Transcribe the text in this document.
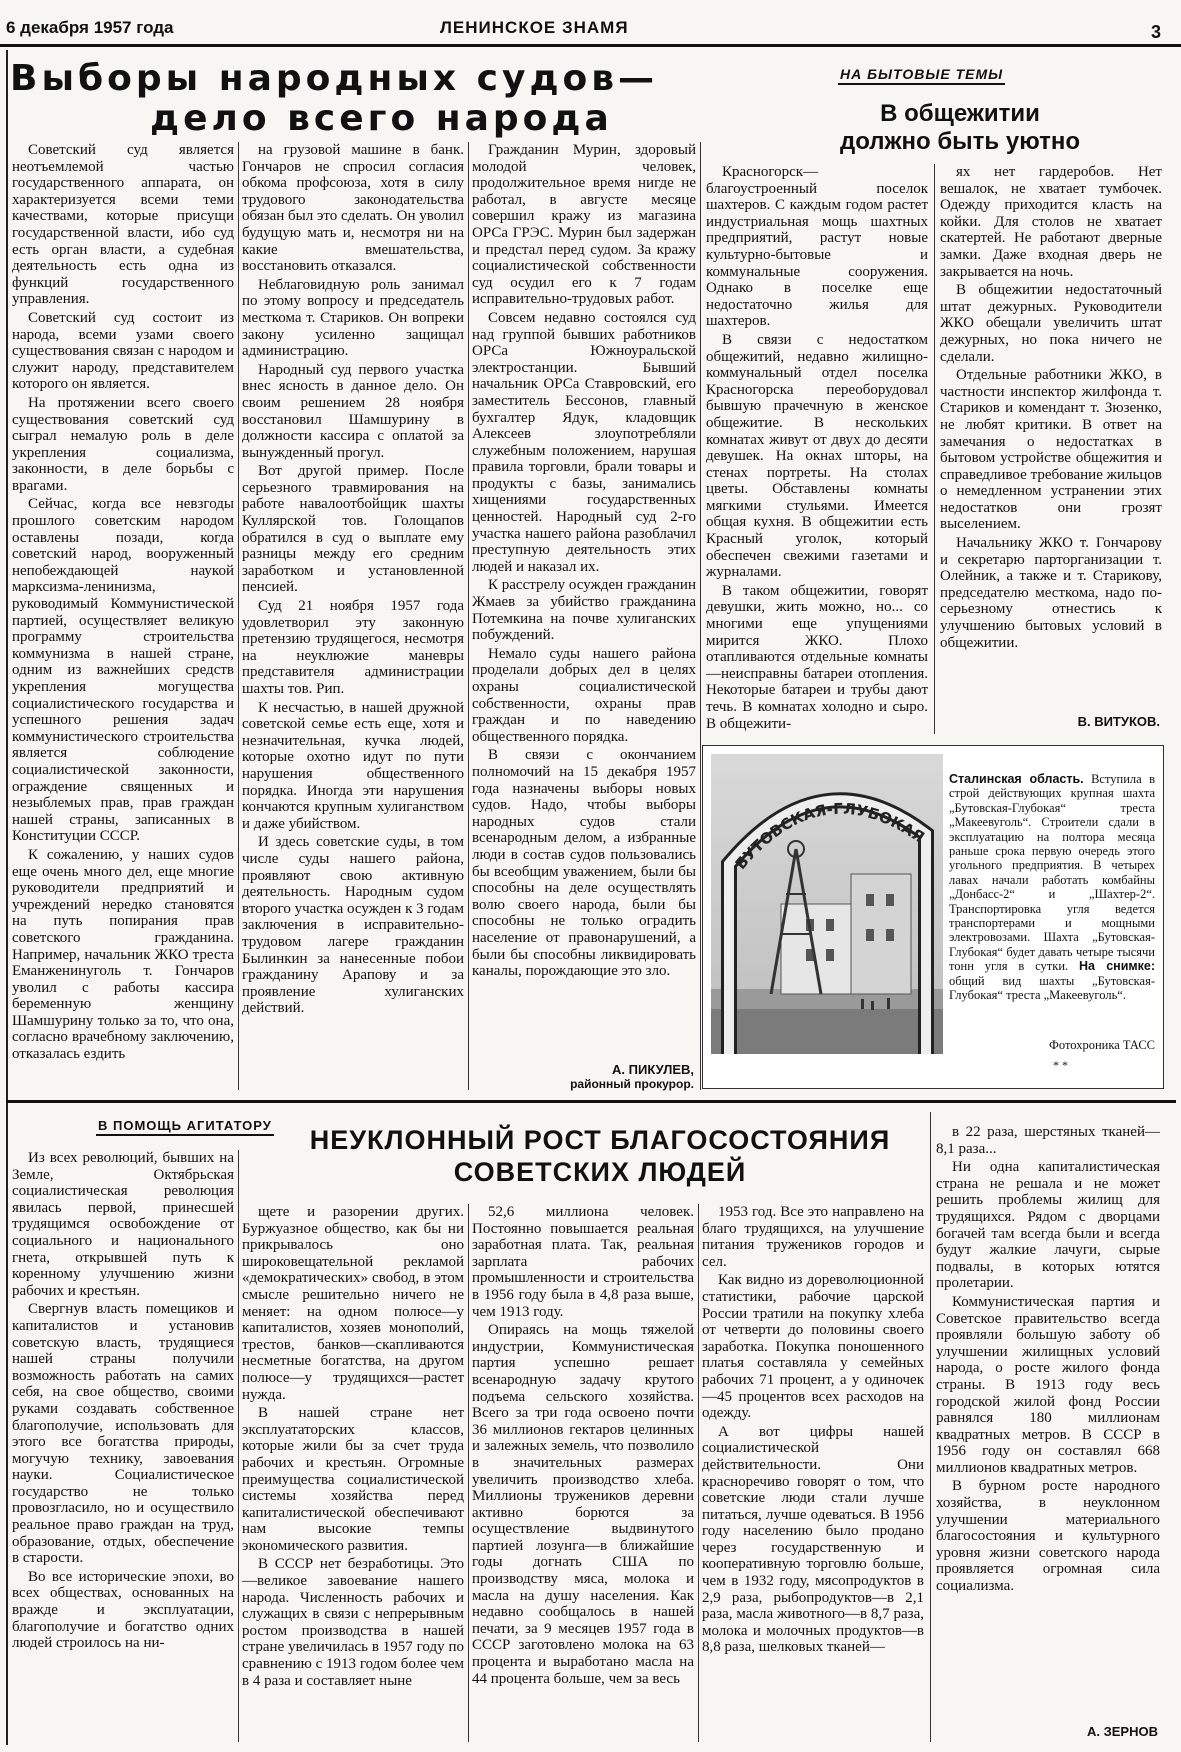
6 декабря 1957 года	ЛЕНИНСКОЕ ЗНАМЯ	3
Выборы народных судов—
дело всего народа

Советский суд является неотъемлемой частью государственного аппарата, он характеризуется всеми теми качествами, которые присущи государственной власти, ибо суд есть орган власти, а судебная деятельность есть одна из функций государственного управления.

Советский суд состоит из народа, всеми узами своего существования связан с народом и служит народу, представителем которого он является.

На протяжении всего своего существования советский суд сыграл немалую роль в деле укрепления социализма, законности, в деле борьбы с врагами.

Сейчас, когда все невзгоды прошлого советским народом оставлены позади, когда советский народ, вооруженный непобеждающей наукой марксизма-ленинизма, руководимый Коммунистической партией, осуществляет великую программу строительства коммунизма в нашей стране, одним из важнейших средств укрепления могущества социалистического государства и успешного решения задач коммунистического строительства является соблюдение социалистической законности, ограждение священных и незыблемых прав, прав граждан нашей страны, записанных в Конституции СССР.

К сожалению, у наших судов еще очень много дел, еще многие руководители предприятий и учреждений нередко становятся на путь попирания прав советского гражданина. Например, начальник ЖКО треста Еманженинуголь т. Гончаров уволил с работы кассира беременную женщину Шамшурину только за то, что она, согласно врачебному заключению, отказалась ездить

на грузовой машине в банк. Гончаров не спросил согласия обкома профсоюза, хотя в силу трудового законодательства обязан был это сделать. Он уволил будущую мать и, несмотря ни на какие вмешательства, восстановить отказался.

Неблаговидную роль занимал по этому вопросу и председатель месткома т. Стариков. Он вопреки закону усиленно защищал администрацию.

Народный суд первого участка внес ясность в данное дело. Он своим решением 28 ноября восстановил Шамшурину в должности кассира с оплатой за вынужденный прогул.

Вот другой пример. После серьезного травмирования на работе навалоотбойщик шахты Куллярской тов. Голощапов обратился в суд о выплате ему разницы между его средним заработком и установленной пенсией.

Суд 21 ноября 1957 года удовлетворил эту законную претензию трудящегося, несмотря на неуклюжие маневры представителя администрации шахты тов. Рип.

К несчастью, в нашей дружной советской семье есть еще, хотя и незначительная, кучка людей, которые охотно идут по пути нарушения общественного порядка. Иногда эти нарушения кончаются крупным хулиганством и даже убийством.

И здесь советские суды, в том числе суды нашего района, проявляют свою активную деятельность. Народным судом второго участка осужден к 3 годам заключения в исправительно-трудовом лагере гражданин Былинкин за нанесенные побои гражданину Арапову и за проявление хулиганских действий.

Гражданин Мурин, здоровый молодой человек, продолжительное время нигде не работал, в августе месяце совершил кражу из магазина ОРСа ГРЭС. Мурин был задержан и предстал перед судом. За кражу социалистической собственности суд осудил его к 7 годам исправительно-трудовых работ.

Совсем недавно состоялся суд над группой бывших работников ОРСа Южноуральской электростанции. Бывший начальник ОРСа Ставровский, его заместитель Бессонов, главный бухгалтер Ядук, кладовщик Алексеев злоупотребляли служебным положением, нарушая правила торговли, брали товары и продукты с базы, занимались хищениями государственных ценностей. Народный суд 2-го участка нашего района разоблачил преступную деятельность этих людей и наказал их.

К расстрелу осужден гражданин Жмаев за убийство гражданина Потемкина на почве хулиганских побуждений.

Немало суды нашего района проделали добрых дел в целях охраны социалистической собственности, охраны прав граждан и по наведению общественного порядка.

В связи с окончанием полномочий на 15 декабря 1957 года назначены выборы новых судов. Надо, чтобы выборы народных судов стали всенародным делом, а избранные люди в состав судов пользовались бы всеобщим уважением, были бы способны на деле осуществлять волю своего народа, были бы способны не только оградить население от правонарушений, а были бы способны ликвидировать каналы, порождающие это зло.

А. ПИКУЛЕВ,
районный прокурор.
НА БЫТОВЫЕ ТЕМЫ
В общежитии
должно быть уютно

Красногорск—благоустроенный поселок шахтеров. С каждым годом растет индустриальная мощь шахтных предприятий, растут новые культурно-бытовые и коммунальные сооружения. Однако в поселке еще недостаточно жилья для шахтеров.

В связи с недостатком общежитий, недавно жилищно-коммунальный отдел поселка Красногорска переоборудовал бывшую прачечную в женское общежитие. В нескольких комнатах живут от двух до десяти девушек. На окнах шторы, на стенах портреты. На столах цветы. Обставлены комнаты мягкими стульями. Имеется общая кухня. В общежитии есть Красный уголок, который обеспечен свежими газетами и журналами.

В таком общежитии, говорят девушки, жить можно, но... со многими еще упущениями мирится ЖКО. Плохо отапливаются отдельные комнаты—неисправны батареи отопления. Некоторые батареи и трубы дают течь. В комнатах холодно и сыро. В общежити-

ях нет гардеробов. Нет вешалок, не хватает тумбочек. Одежду приходится класть на койки. Для столов не хватает скатертей. Не работают дверные замки. Даже входная дверь не закрывается на ночь.

В общежитии недостаточный штат дежурных. Руководители ЖКО обещали увеличить штат дежурных, но пока ничего не сделали.

Отдельные работники ЖКО, в частности инспектор жилфонда т. Стариков и комендант т. Зюзенко, не любят критики. В ответ на замечания о недостатках в бытовом устройстве общежития и справедливое требование жильцов о немедленном устранении этих недостатков они грозят выселением.

Начальнику ЖКО т. Гончарову и секретарю парторганизации т. Олейник, а также и т. Старикову, председателю месткома, надо по-серьезному отнестись к улучшению бытовых условий в общежитии.

В. ВИТУКОВ.
БУТОВСКАЯ-ГЛУБОКАЯ
Сталинская область. Вступила в строй действующих крупная шахта „Бутовская-Глубокая“ треста „Макеевуголь“. Строители сдали в эксплуатацию на полтора месяца раньше срока первую очередь этого угольного предприятия. В четырех лавах начали работать комбайны „Донбасс-2“ и „Шахтер-2“. Транспортировка угля ведется транспортерами и мощными электровозами. Шахта „Бутовская-Глубокая“ будет давать четыре тысячи тонн угля в сутки. На снимке: общий вид шахты „Бутовская-Глубокая“ треста „Макеевуголь“.
Фотохроника ТАСС
* *
В ПОМОЩЬ АГИТАТОРУ	НЕУКЛОННЫЙ РОСТ БЛАГОСОСТОЯНИЯ
СОВЕТСКИХ ЛЮДЕЙ

Из всех революций, бывших на Земле, Октябрьская социалистическая революция явилась первой, принесшей трудящимся освобождение от социального и национального гнета, открывшей путь к коренному улучшению жизни рабочих и крестьян.

Свергнув власть помещиков и капиталистов и установив советскую власть, трудящиеся нашей страны получили возможность работать на самих себя, на свое общество, своими руками создавать собственное благополучие, использовать для этого все богатства природы, могучую технику, завоевания науки. Социалистическое государство не только провозгласило, но и осуществило реальное право граждан на труд, образование, отдых, обеспечение в старости.

Во все исторические эпохи, во всех обществах, основанных на вражде и эксплуатации, благополучие и богатство одних людей строилось на ни-

щете и разорении других. Буржуазное общество, как бы ни прикрывалось оно широковещательной рекламой «демократических» свобод, в этом смысле решительно ничего не меняет: на одном полюсе—у капиталистов, хозяев монополий, трестов, банков—скапливаются несметные богатства, на другом полюсе—у трудящихся—растет нужда.

В нашей стране нет эксплуататорских классов, которые жили бы за счет труда рабочих и крестьян. Огромные преимущества социалистической системы хозяйства перед капиталистической обеспечивают нам высокие темпы экономического развития.

В СССР нет безработицы. Это—великое завоевание нашего народа. Численность рабочих и служащих в связи с непрерывным ростом производства в нашей стране увеличилась в 1957 году по сравнению с 1913 годом более чем в 4 раза и составляет ныне

52,6 миллиона человек. Постоянно повышается реальная заработная плата. Так, реальная зарплата рабочих промышленности и строительства в 1956 году была в 4,8 раза выше, чем 1913 году.

Опираясь на мощь тяжелой индустрии, Коммунистическая партия успешно решает всенародную задачу крутого подъема сельского хозяйства. Всего за три года освоено почти 36 миллионов гектаров целинных и залежных земель, что позволило в значительных размерах увеличить производство хлеба. Миллионы тружеников деревни активно борются за осуществление выдвинутого партией лозунга—в ближайшие годы догнать США по производству мяса, молока и масла на душу населения. Как недавно сообщалось в нашей печати, за 9 месяцев 1957 года в СССР заготовлено молока на 63 процента и выработано масла на 44 процента больше, чем за весь

1953 год. Все это направлено на благо трудящихся, на улучшение питания тружеников городов и сел.

Как видно из дореволюционной статистики, рабочие царской России тратили на покупку хлеба от четверти до половины своего заработка. Покупка поношенного платья составляла у семейных рабочих 71 процент, а у одиночек—45 процентов всех расходов на одежду.

А вот цифры нашей социалистической действительности. Они красноречиво говорят о том, что советские люди стали лучше питаться, лучше одеваться. В 1956 году населению было продано через государственную и кооперативную торговлю больше, чем в 1932 году, мясопродуктов в 2,9 раза, рыбопродуктов—в 2,1 раза, масла животного—в 8,7 раза, молока и молочных продуктов—в 8,8 раза, шелковых тканей—

в 22 раза, шерстяных тканей—8,1 раза...

Ни одна капиталистическая страна не решала и не может решить проблемы жилищ для трудящихся. Рядом с дворцами богачей там всегда были и всегда будут жалкие лачуги, сырые подвалы, в которых ютятся пролетарии.

Коммунистическая партия и Советское правительство всегда проявляли большую заботу об улучшении жилищных условий народа, о росте жилого фонда страны. В 1913 году весь городской жилой фонд России равнялся 180 миллионам квадратных метров. В СССР в 1956 году он составлял 668 миллионов квадратных метров.

В бурном росте народного хозяйства, в неуклонном улучшении материального благосостояния и культурного уровня жизни советского народа проявляется огромная сила социализма.

А. ЗЕРНОВ
